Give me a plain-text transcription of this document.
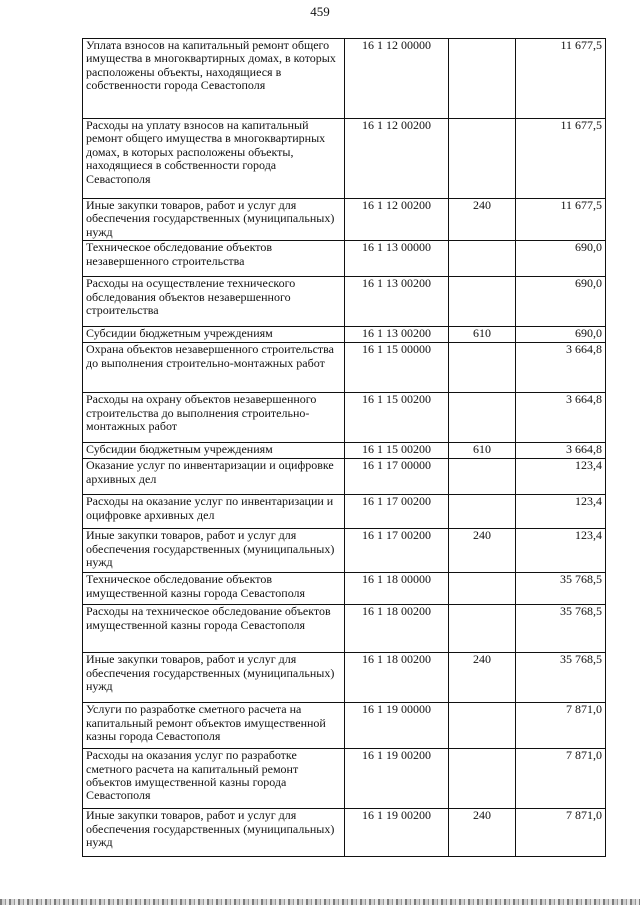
459
Уплата взносов на капитальный ремонт общего имущества в многоквартирных домах, в которых расположены объекты, находящиеся в собственности города Севастополя	16 1 12 00000		11 677,5
Расходы на уплату взносов на капитальный ремонт общего имущества в многоквартирных домах, в которых расположены объекты, находящиеся в собственности города Севастополя	16 1 12 00200		11 677,5
Иные закупки товаров, работ и услуг для обеспечения государственных (муниципальных) нужд	16 1 12 00200	240	11 677,5
Техническое обследование объектов незавершенного строительства	16 1 13 00000		690,0
Расходы на осуществление технического обследования объектов незавершенного строительства	16 1 13 00200		690,0
Субсидии бюджетным учреждениям	16 1 13 00200	610	690,0
Охрана объектов незавершенного строительства до выполнения строительно-монтажных работ	16 1 15 00000		3 664,8
Расходы на охрану объектов незавершенного строительства до выполнения строительно-монтажных работ	16 1 15 00200		3 664,8
Субсидии бюджетным учреждениям	16 1 15 00200	610	3 664,8
Оказание услуг по инвентаризации и оцифровке архивных дел	16 1 17 00000		123,4
Расходы на оказание услуг по инвентаризации и оцифровке архивных дел	16 1 17 00200		123,4
Иные закупки товаров, работ и услуг для обеспечения государственных (муниципальных) нужд	16 1 17 00200	240	123,4
Техническое обследование объектов имущественной казны города Севастополя	16 1 18 00000		35 768,5
Расходы на техническое обследование объектов имущественной казны города Севастополя	16 1 18 00200		35 768,5
Иные закупки товаров, работ и услуг для обеспечения государственных (муниципальных) нужд	16 1 18 00200	240	35 768,5
Услуги по разработке сметного расчета на капитальный ремонт объектов имущественной казны города Севастополя	16 1 19 00000		7 871,0
Расходы на оказания услуг по разработке сметного расчета на капитальный ремонт объектов имущественной казны города Севастополя	16 1 19 00200		7 871,0
Иные закупки товаров, работ и услуг для обеспечения государственных (муниципальных) нужд	16 1 19 00200	240	7 871,0
